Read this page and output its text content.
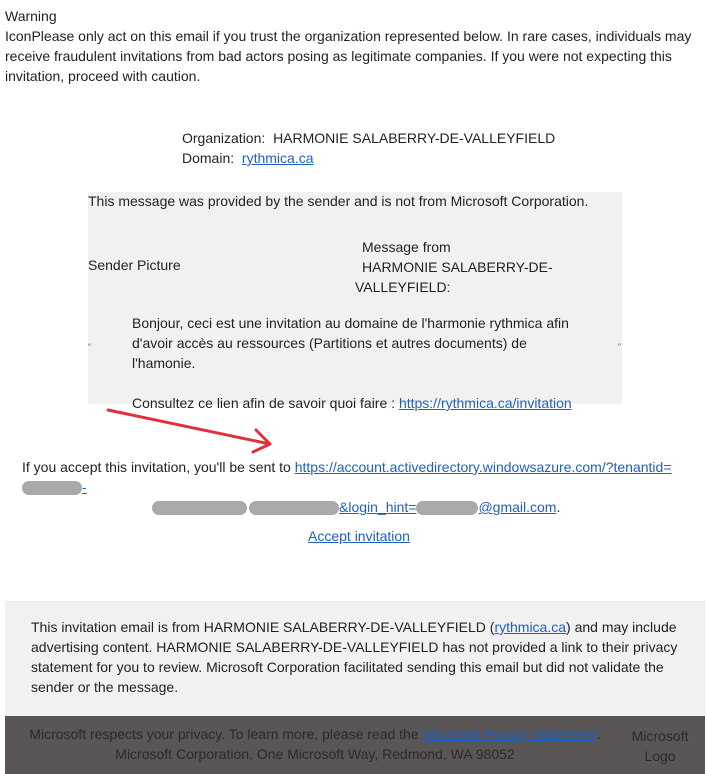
Warning
IconPlease only act on this email if you trust the organization represented below. In rare cases, individuals may receive fraudulent invitations from bad actors posing as legitimate companies. If you were not expecting this invitation, proceed with caution.
Organization: HARMONIE SALABERRY-DE-VALLEYFIELD
Domain: rythmica.ca
This message was provided by the sender and is not from Microsoft Corporation.
Sender Picture
Message from
HARMONIE SALABERRY-DE-
VALLEYFIELD:
“	”

Bonjour, ceci est une invitation au domaine de l'harmonie rythmica afin

d'avoir accès au ressources (Partitions et autres documents) de l'hamonie.

Consultez ce lien afin de savoir quoi faire : https://rythmica.ca/invitation

If you accept this invitation, you'll be sent to https://account.activedirectory.windowsazure.com/?tenantid=-
&login_hint=	@gmail.com.
Accept invitation
This invitation email is from HARMONIE SALABERRY-DE-VALLEYFIELD (rythmica.ca) and may include advertising content. HARMONIE SALABERRY-DE-VALLEYFIELD has not provided a link to their privacy statement for you to review. Microsoft Corporation facilitated sending this email but did not validate the sender or the message.
Microsoft respects your privacy. To learn more, please read the Microsoft Privacy Statement.
Microsoft Corporation, One Microsoft Way, Redmond, WA 98052
Microsoft
Logo
